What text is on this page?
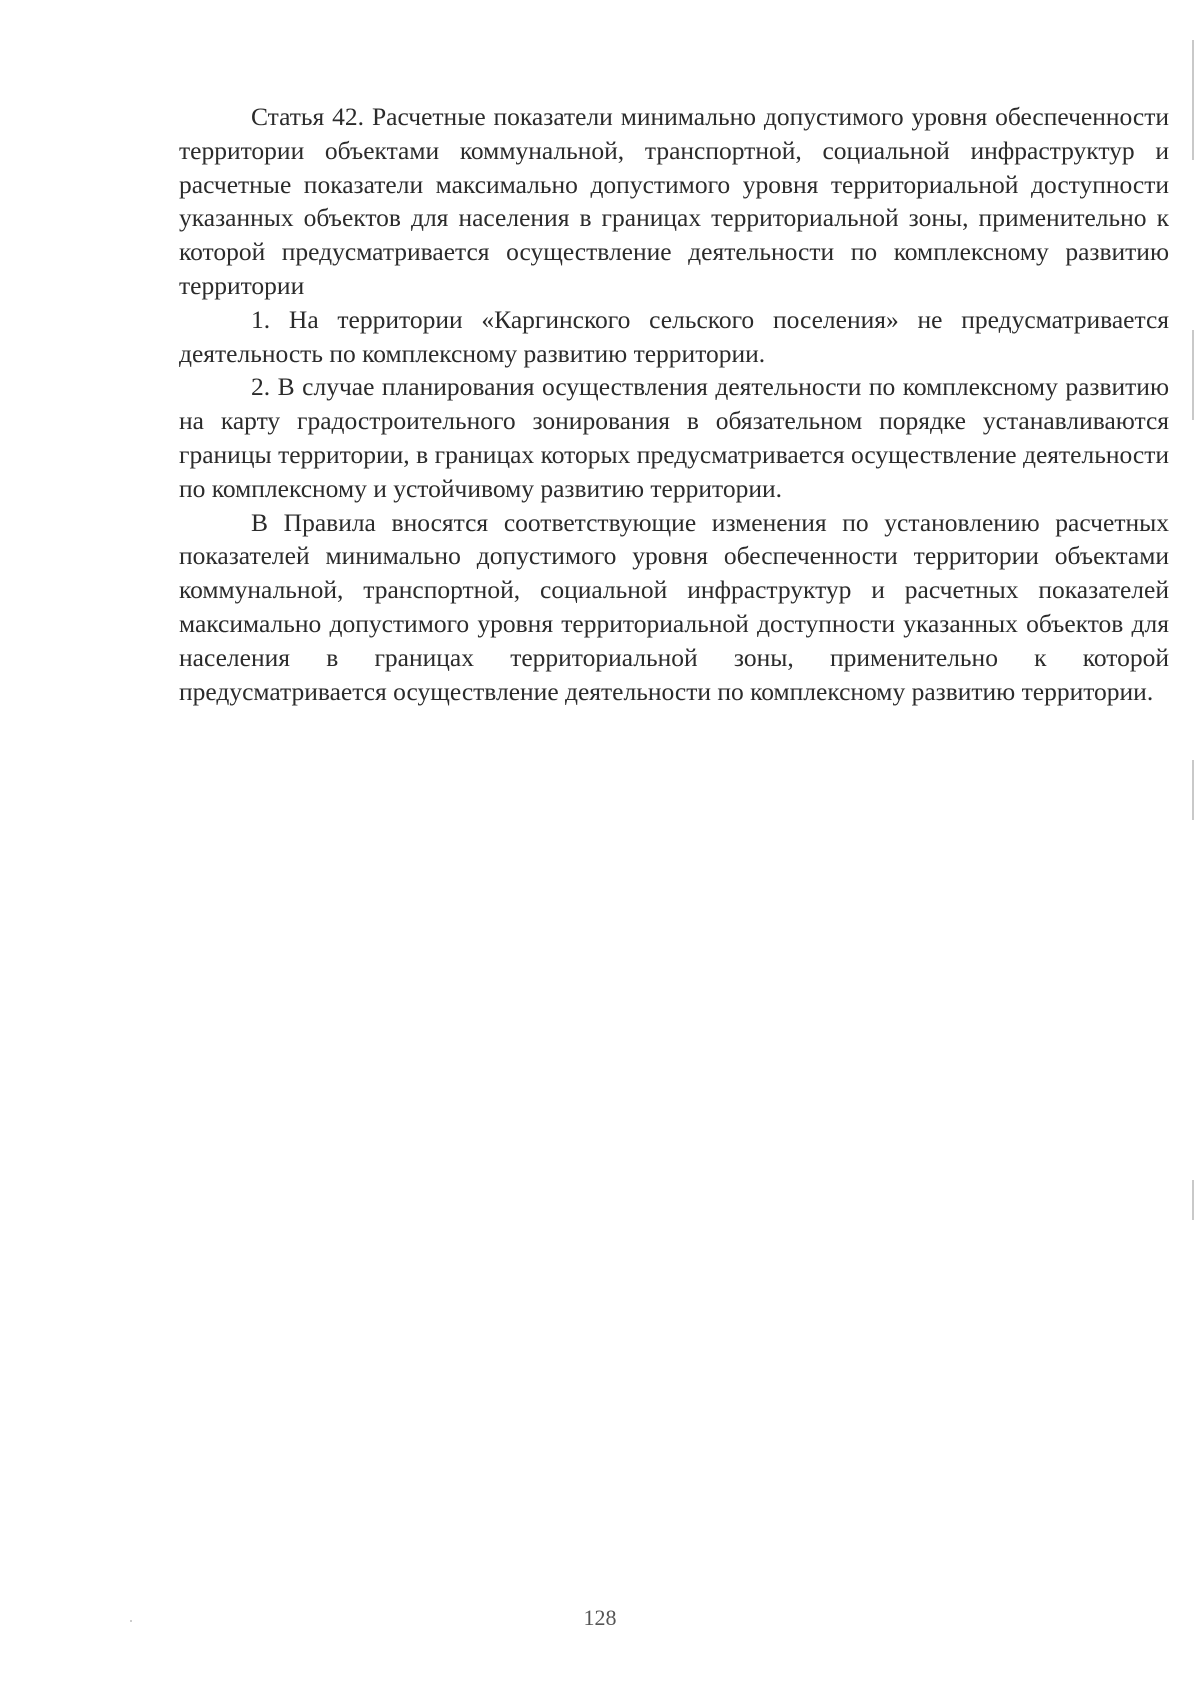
Статья 42. Расчетные показатели минимально допустимого уровня обеспеченности территории объектами коммунальной, транспортной, социальной инфраструктур и расчетные показатели максимально допустимого уровня территориальной доступности указанных объектов для населения в границах территориальной зоны, применительно к которой предусматривается осуществление деятельности по комплексному развитию территории

1. На территории «Каргинского сельского поселения» не предусматривается деятельность по комплексному развитию территории.

2. В случае планирования осуществления деятельности по комплексному развитию на карту градостроительного зонирования в обязательном порядке устанавливаются границы территории, в границах которых предусматривается осуществление деятельности по комплексному и устойчивому развитию территории.

В Правила вносятся соответствующие изменения по установлению расчетных показателей минимально допустимого уровня обеспеченности территории объектами коммунальной, транспортной, социальной инфраструктур и расчетных показателей максимально допустимого уровня территориальной доступности указанных объектов для населения в границах территориальной зоны, применительно к которой предусматривается осуществление деятельности по комплексному развитию территории.

128
